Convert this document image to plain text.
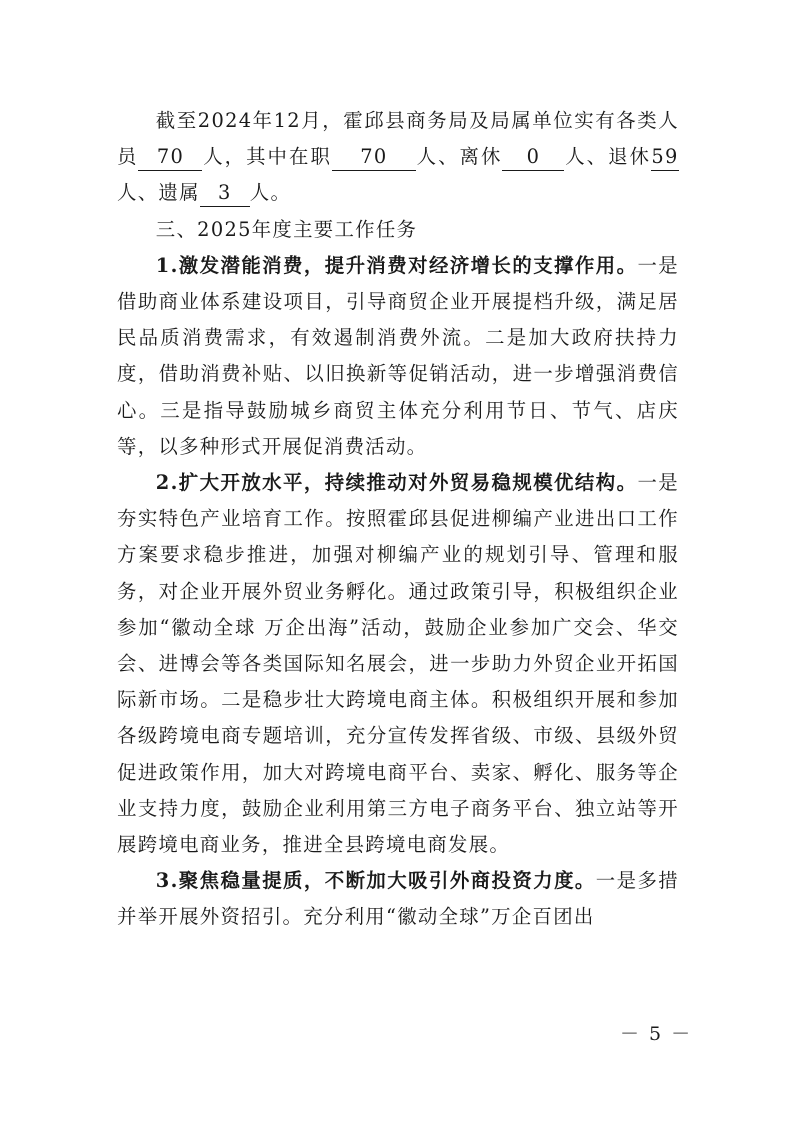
截至2024年12月，霍邱县商务局及局属单位实有各类人员 70 人，其中在职 70 人、离休 0 人、退休59人、遗属 3 人。

三、2025年度主要工作任务

1.激发潜能消费，提升消费对经济增长的支撑作用。一是借助商业体系建设项目，引导商贸企业开展提档升级，满足居民品质消费需求，有效遏制消费外流。二是加大政府扶持力度，借助消费补贴、以旧换新等促销活动，进一步增强消费信心。三是指导鼓励城乡商贸主体充分利用节日、节气、店庆等，以多种形式开展促消费活动。

2.扩大开放水平，持续推动对外贸易稳规模优结构。一是夯实特色产业培育工作。按照霍邱县促进柳编产业进出口工作方案要求稳步推进，加强对柳编产业的规划引导、管理和服务，对企业开展外贸业务孵化。通过政策引导，积极组织企业参加“徽动全球 万企出海”活动，鼓励企业参加广交会、华交会、进博会等各类国际知名展会，进一步助力外贸企业开拓国际新市场。二是稳步壮大跨境电商主体。积极组织开展和参加各级跨境电商专题培训，充分宣传发挥省级、市级、县级外贸促进政策作用，加大对跨境电商平台、卖家、孵化、服务等企业支持力度，鼓励企业利用第三方电子商务平台、独立站等开展跨境电商业务，推进全县跨境电商发展。

3.聚焦稳量提质，不断加大吸引外商投资力度。一是多措并举开展外资招引。充分利用“徽动全球”万企百团出

－ 5 －
